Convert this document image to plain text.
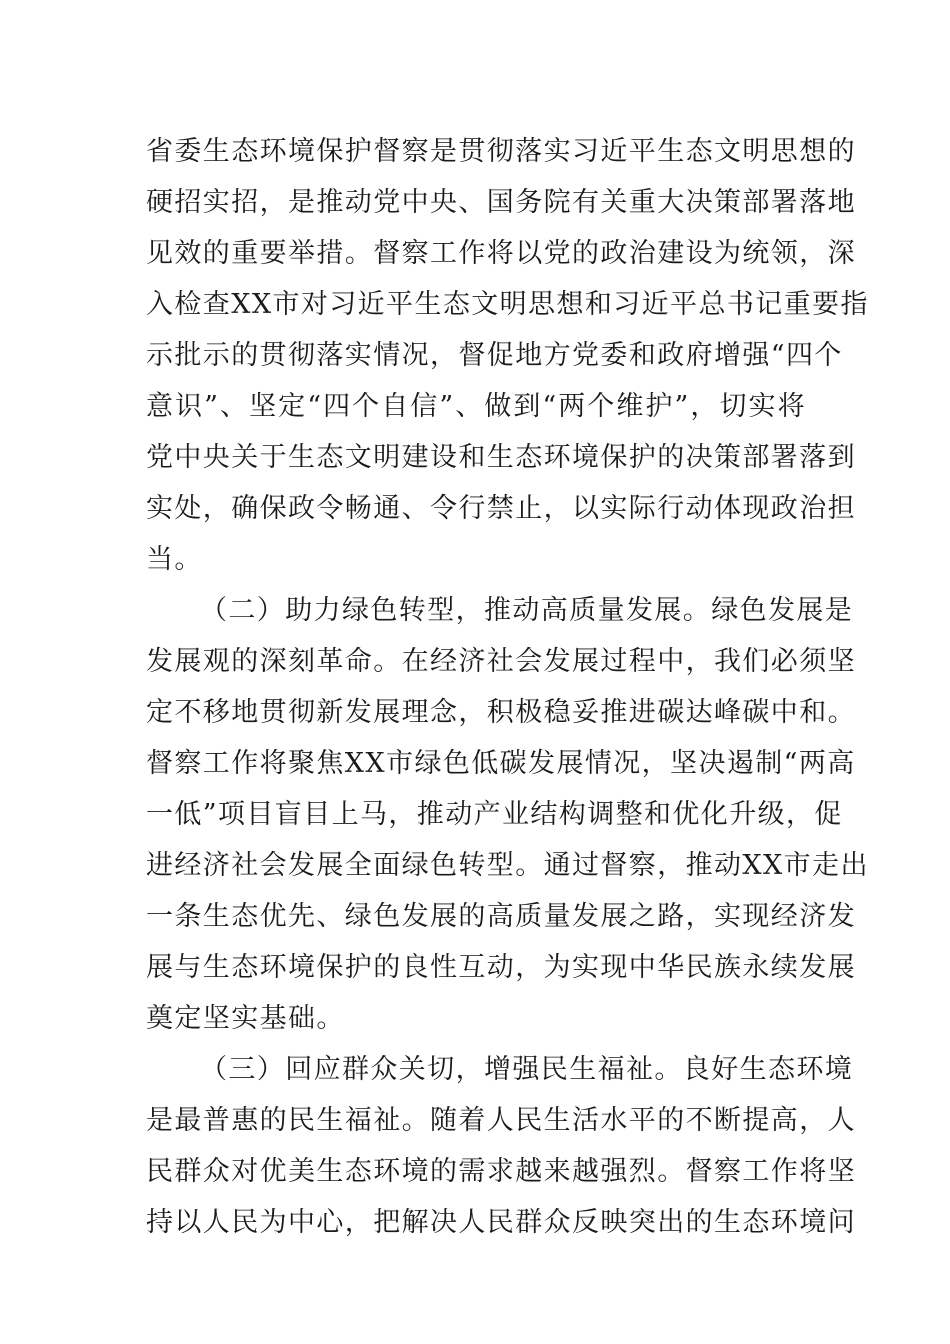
省委生态环境保护督察是贯彻落实习近平生态文明思想的
硬招实招，是推动党中央、国务院有关重大决策部署落地
见效的重要举措。督察工作将以党的政治建设为统领，深
入检查XX市对习近平生态文明思想和习近平总书记重要指
示批示的贯彻落实情况，督促地方党委和政府增强“四个
意识”、坚定“四个自信”、做到“两个维护”，切实将
党中央关于生态文明建设和生态环境保护的决策部署落到
实处，确保政令畅通、令行禁止，以实际行动体现政治担
当。
（二）助力绿色转型，推动高质量发展。绿色发展是
发展观的深刻革命。在经济社会发展过程中，我们必须坚
定不移地贯彻新发展理念，积极稳妥推进碳达峰碳中和。
督察工作将聚焦XX市绿色低碳发展情况，坚决遏制“两高
一低”项目盲目上马，推动产业结构调整和优化升级，促
进经济社会发展全面绿色转型。通过督察，推动XX市走出
一条生态优先、绿色发展的高质量发展之路，实现经济发
展与生态环境保护的良性互动，为实现中华民族永续发展
奠定坚实基础。
（三）回应群众关切，增强民生福祉。良好生态环境
是最普惠的民生福祉。随着人民生活水平的不断提高，人
民群众对优美生态环境的需求越来越强烈。督察工作将坚
持以人民为中心，把解决人民群众反映突出的生态环境问
